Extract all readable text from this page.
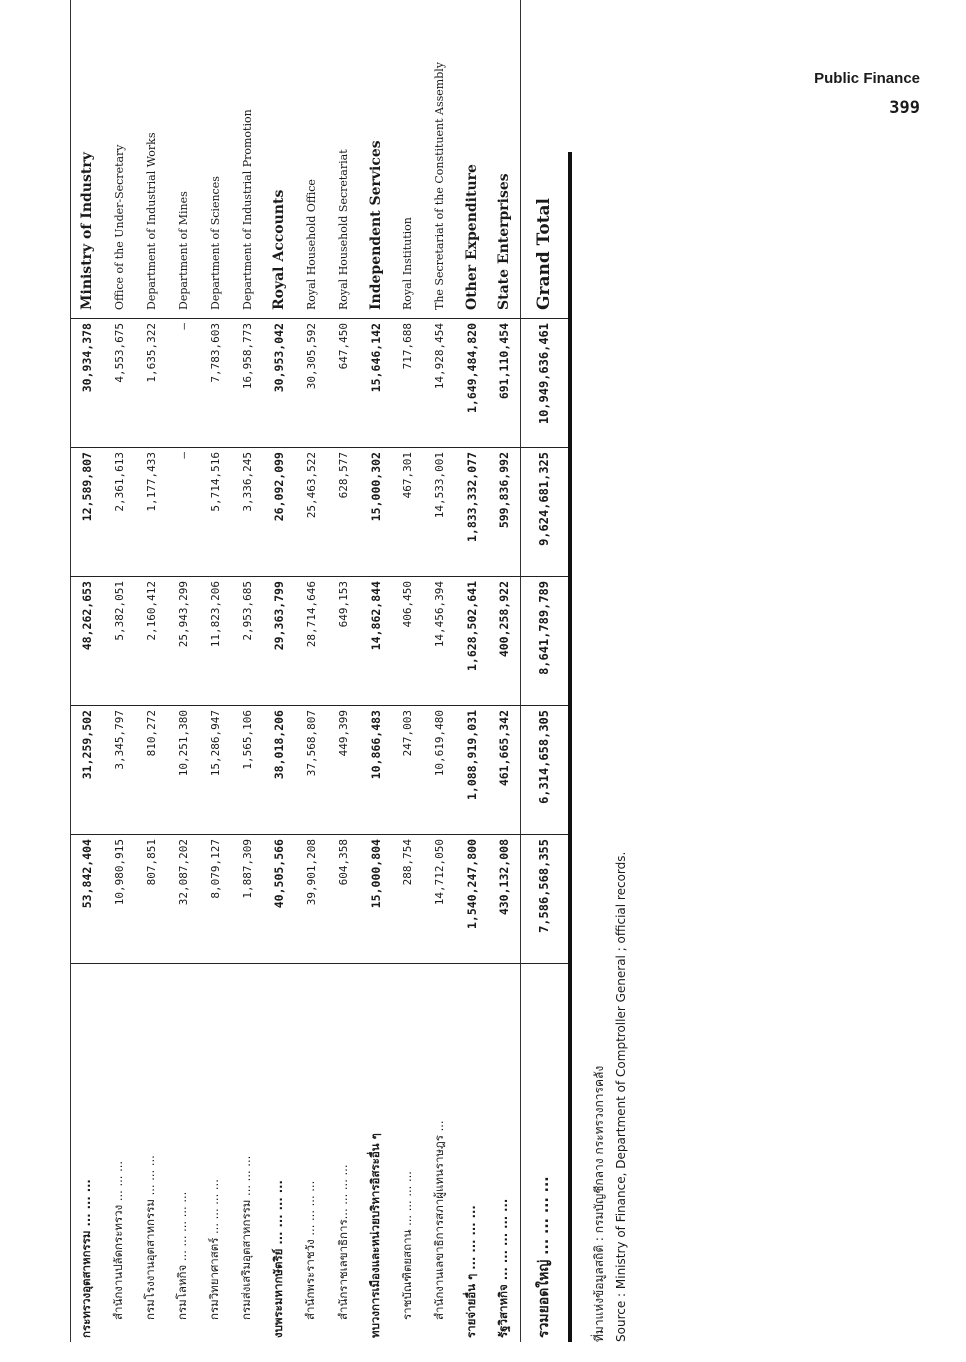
Public Finance
399
กระทรวงอุตสาหกรรม ... ... ...	53,842,404	31,259,502	48,262,653	12,589,807	30,934,378	Ministry of Industry
สำนักงานปลัดกระทรวง ... ... ...	10,980,915	3,345,797	5,382,051	2,361,613	4,553,675	Office of the Under-Secretary
กรมโรงงานอุตสาหกรรม ... ... ...	807,851	810,272	2,160,412	1,177,433	1,635,322	Department of Industrial Works
กรมโลหกิจ ... ... ... ... ...	32,087,202	10,251,380	25,943,299	—	—	Department of Mines
กรมวิทยาศาสตร์ ... ... ... ...	8,079,127	15,286,947	11,823,206	5,714,516	7,783,603	Department of Sciences
กรมส่งเสริมอุตสาหกรรม ... ... ...	1,887,309	1,565,106	2,953,685	3,336,245	16,958,773	Department of Industrial Promotion
งบพระมหากษัตริย์ ... ... ... ...	40,505,566	38,018,206	29,363,799	26,092,099	30,953,042	Royal Accounts
สำนักพระราชวัง ... ... ... ...	39,901,208	37,568,807	28,714,646	25,463,522	30,305,592	Royal Household Office
สำนักราชเลขาธิการ... ... ... ...	604,358	449,399	649,153	628,577	647,450	Royal Household Secretariat
ทบวงการเมืองและหน่วยบริหารอิสระอื่น ๆ	15,000,804	10,866,483	14,862,844	15,000,302	15,646,142	Independent Services
ราชบัณฑิตยสถาน ... ... ... ...	288,754	247,003	406,450	467,301	717,688	Royal Institution
สำนักงานเลขาธิการสภาผู้แทนราษฎร ...	14,712,050	10,619,480	14,456,394	14,533,001	14,928,454	The Secretariat of the Constituent Assembly
รายจ่ายอื่น ๆ ... ... ... ...	1,540,247,800	1,088,919,031	1,628,502,641	1,833,332,077	1,649,484,820	Other Expenditure
รัฐวิสาหกิจ ... ... ... ... ...	430,132,008	461,665,342	400,258,922	599,836,992	691,110,454	State Enterprises
รวมยอดใหญ่ ... ... ... ...	7,586,568,355	6,314,658,305	8,641,789,789	9,624,681,325	10,949,636,461	Grand Total
ที่มาแห่งข้อมูลสถิติ : กรมบัญชีกลาง กระทรวงการคลัง Source : Ministry of Finance, Department of Comptroller General ; official records.
